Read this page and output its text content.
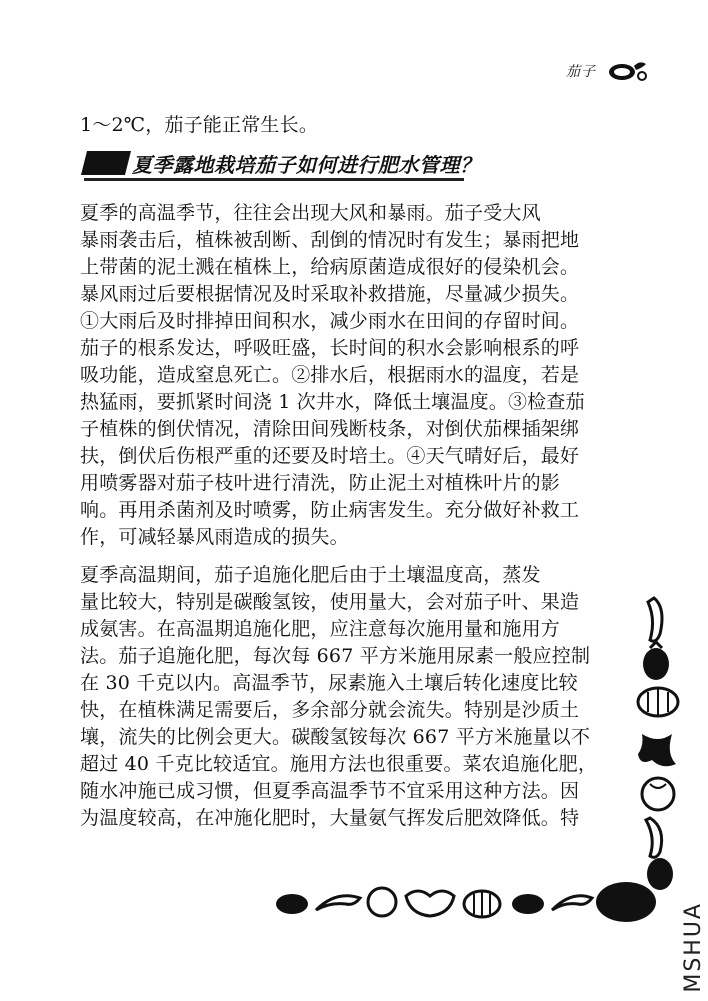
茄子
1～2℃，茄子能正常生长。
夏季露地栽培茄子如何进行肥水管理？
夏季的高温季节，往往会出现大风和暴雨。茄子受大风
暴雨袭击后，植株被刮断、刮倒的情况时有发生；暴雨把地
上带菌的泥土溅在植株上，给病原菌造成很好的侵染机会。
暴风雨过后要根据情况及时采取补救措施，尽量减少损失。
①大雨后及时排掉田间积水，减少雨水在田间的存留时间。
茄子的根系发达，呼吸旺盛，长时间的积水会影响根系的呼
吸功能，造成窒息死亡。②排水后，根据雨水的温度，若是
热猛雨，要抓紧时间浇 1 次井水，降低土壤温度。③检查茄
子植株的倒伏情况，清除田间残断枝条，对倒伏茄棵插架绑
扶，倒伏后伤根严重的还要及时培土。④天气晴好后，最好
用喷雾器对茄子枝叶进行清洗，防止泥土对植株叶片的影
响。再用杀菌剂及时喷雾，防止病害发生。充分做好补救工
作，可减轻暴风雨造成的损失。
夏季高温期间，茄子追施化肥后由于土壤温度高，蒸发
量比较大，特别是碳酸氢铵，使用量大，会对茄子叶、果造
成氨害。在高温期追施化肥，应注意每次施用量和施用方
法。茄子追施化肥，每次每 667 平方米施用尿素一般应控制
在 30 千克以内。高温季节，尿素施入土壤后转化速度比较
快，在植株满足需要后，多余部分就会流失。特别是沙质土
壤，流失的比例会更大。碳酸氢铵每次 667 平方米施量以不
超过 40 千克比较适宜。施用方法也很重要。菜农追施化肥，
随水冲施已成习惯，但夏季高温季节不宜采用这种方法。因
为温度较高，在冲施化肥时，大量氨气挥发后肥效降低。特
MSHUA
